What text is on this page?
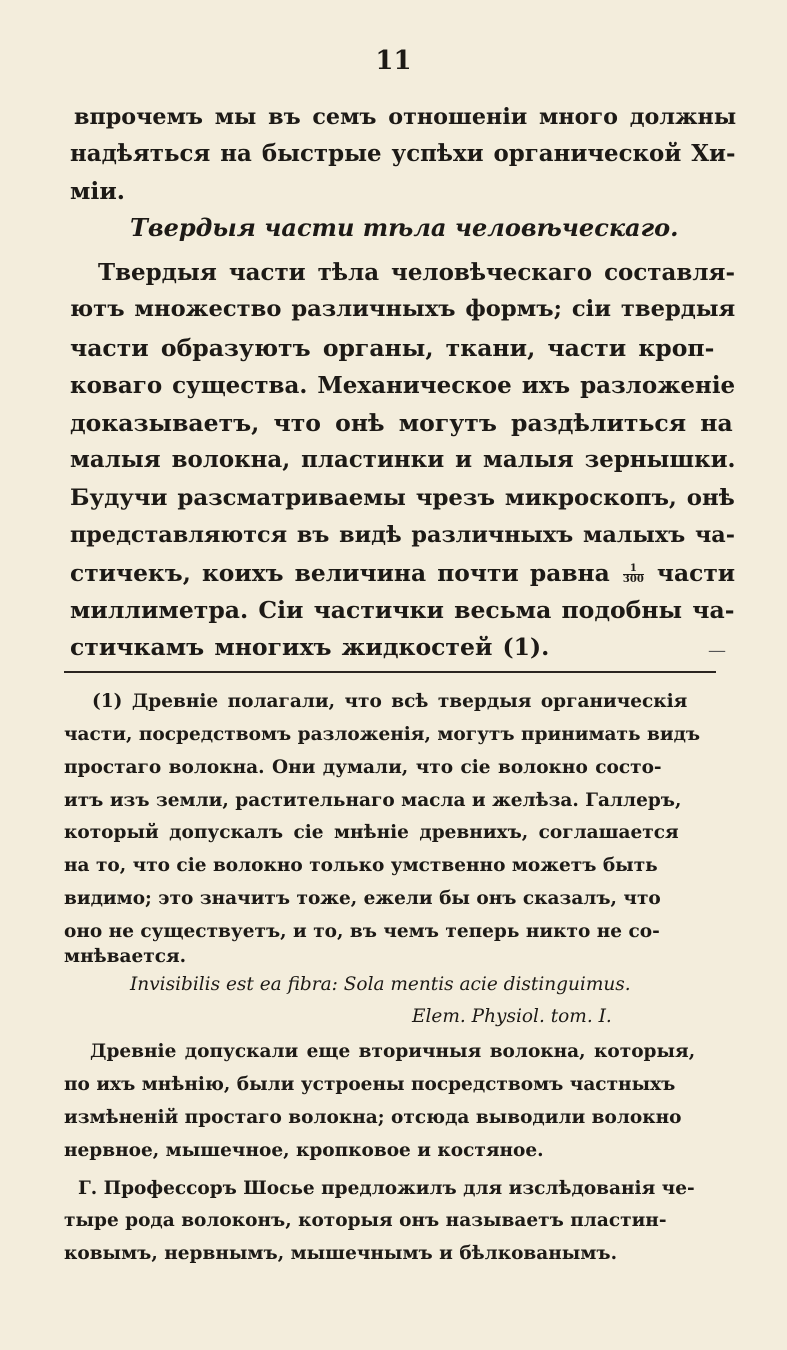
11
впрочемъ мы въ семъ отношенiи много должны
надѣяться на быстрые успѣхи органической Хи-
мiи.
Твердыя части тѣла человѣческаго.
Твердыя части тѣла человѣческаго составля-
ютъ множество различныхъ формъ; сiи твердыя
части образуютъ органы, ткани, части кроп-
коваго существа. Механическое ихъ разложенiе
доказываетъ, что онѣ могутъ раздѣлиться на
малыя волокна, пластинки и малыя зернышки.
Будучи разсматриваемы чрезъ микроскопъ, онѣ
представляются въ видѣ различныхъ малыхъ ча-
стичекъ, коихъ величина почти равна $\frac{1}{300}$ части
миллиметра. Сiи частички весьма подобны ча-
стичкамъ многихъ жидкостей (1).	—
(1) Древнiе полагали, что всѣ твердыя органическiя
части, посредствомъ разложенiя, могутъ принимать видъ
простаго волокна. Они думали, что сiе волокно состо-
итъ изъ земли, растительнаго масла и желѣза. Галлеръ,
который допускалъ сiе мнѣнiе древнихъ, соглашается
на то, что сiе волокно только умственно можетъ быть
видимо; это значитъ тоже, ежели бы онъ сказалъ, что
оно не существуетъ, и то, въ чемъ теперь никто не со-
мнѣвается.
Invisibilis est ea fibra: Sola mentis acie distinguimus.
Elem. Physiol. tom. I.
Древнiе допускали еще вторичныя волокна, которыя,
по ихъ мнѣнiю, были устроены посредствомъ частныхъ
измѣненiй простаго волокна; отсюда выводили волокно
нервное, мышечное, кропковое и костяное.
Г. Профессоръ Шосье предложилъ для изслѣдованiя че-
тыре рода волоконъ, которыя онъ называетъ пластин-
ковымъ, нервнымъ, мышечнымъ и бѣлкованымъ.
